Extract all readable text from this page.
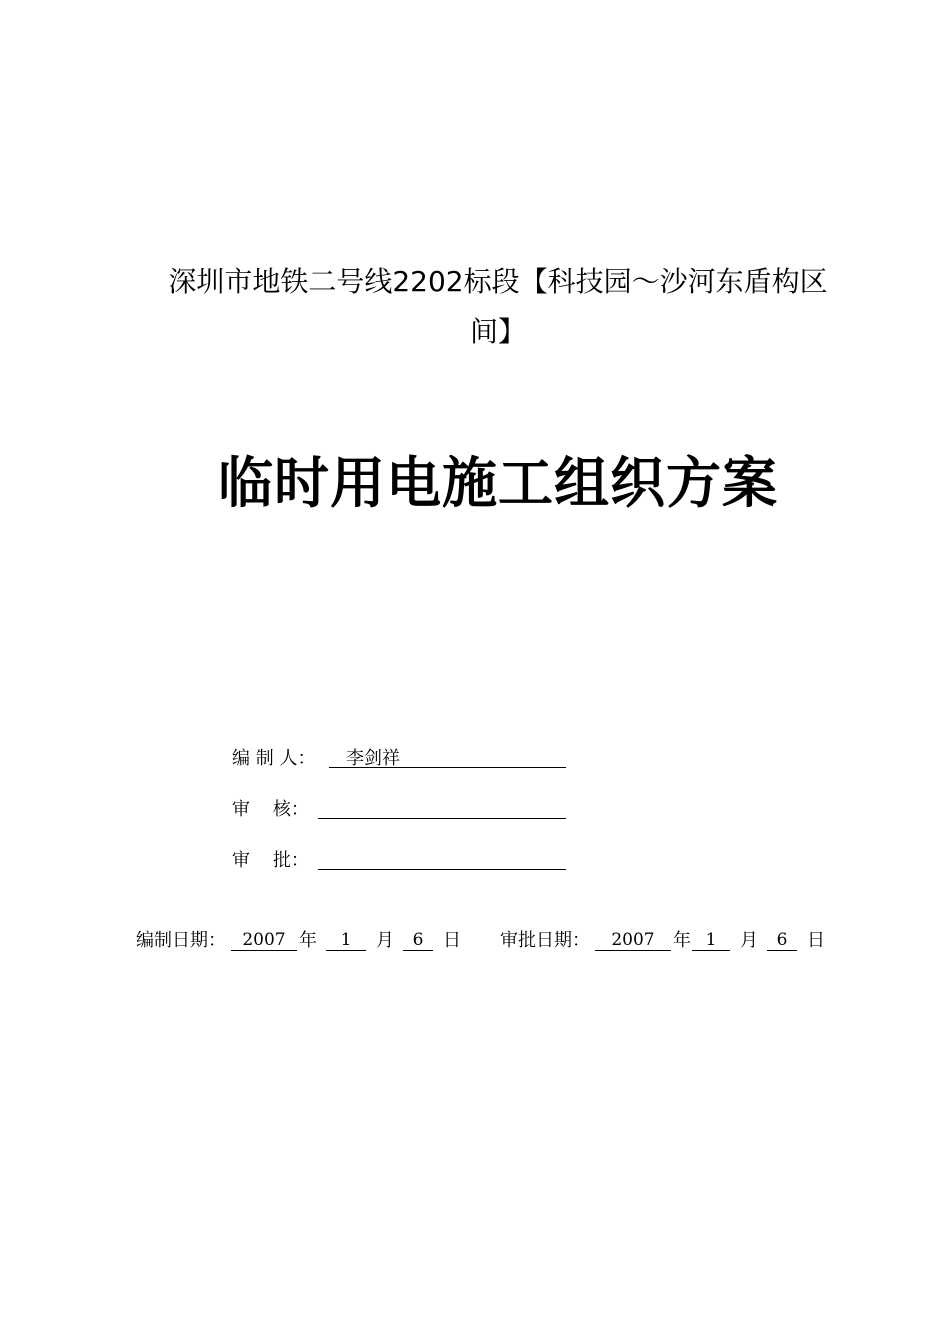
深圳市地铁二号线2202标段【科技园～沙河东盾构区
间】
临时用电施工组织方案
编 制 人： 李剑祥
审    核：
审    批：
编制日期： 2007 年	1	月	6	日 审批日期：	2007	年 1	月	6	日
